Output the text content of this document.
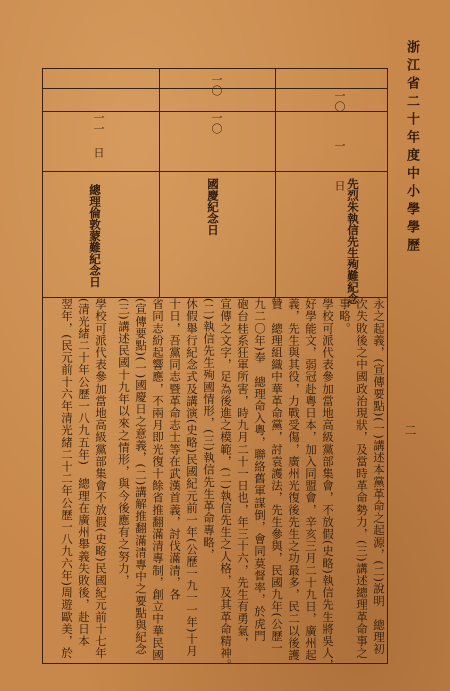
浙江省二十年度中小學學歷
一〇
一
日 先烈朱執信先生殉難紀念
一〇
一〇
國慶紀念日
一一
日
總理倫敦蒙難紀念日
永之起義，(宣傳要點)(一)講述本黨革命之起源，(二)說明　總理初
次失敗後之中國政治現狀，及當時革命勢力，(三)講述總理革命事之
事略。
學校可派代表參加當地高級黨部集會，不放假(史略)執信先生將吳人，
好學能文，弱冠赴粵日本，加入同盟會，辛亥三月二十九日，廣州起
義，先生與其役，力戰受傷，廣州光復後先生之功最多，民二以後護
贊　總理組織中華革命黨，討袁護法，先生參與，民國九年(公歷一
九二〇年)奉　總理命入粵，聯絡舊軍謀倒，會同莫督率，於虎門
砲台桂系狂軍所害，時九月二十一日也，年三十六，先生有勇氣，
宣傳之文字，足為後進之模範，(二)執信先生之人格，及其革命精神。
(二)執信先生殉國情形，(三)執信先生革命專略，
休假舉行紀念式及講演(史略)民國紀元前一年(公歷一九一一年)十月
十日，吾黨同志暨革命志士等在武漢首義，討伐滿清，各
省同志紛起響應，不兩月即光復十餘省推翻滿清專制，創立中華民國
(宣傳要點)(一)國慶日之意義，(二)講解推翻滿清專中之要點與紀念
(三)講述民國十九年以來之情形，與今後應有之努力，
學校可派代表參加當地高級黨部集會不放假(史略)民國紀元前十七年
(清光緒二十年公歷一八九五年)　總理在廣州舉義失敗後，赴日本
翌年，(民元前十六年清光緒二十二年公歷一八九六年)周遊歐美，於	二
